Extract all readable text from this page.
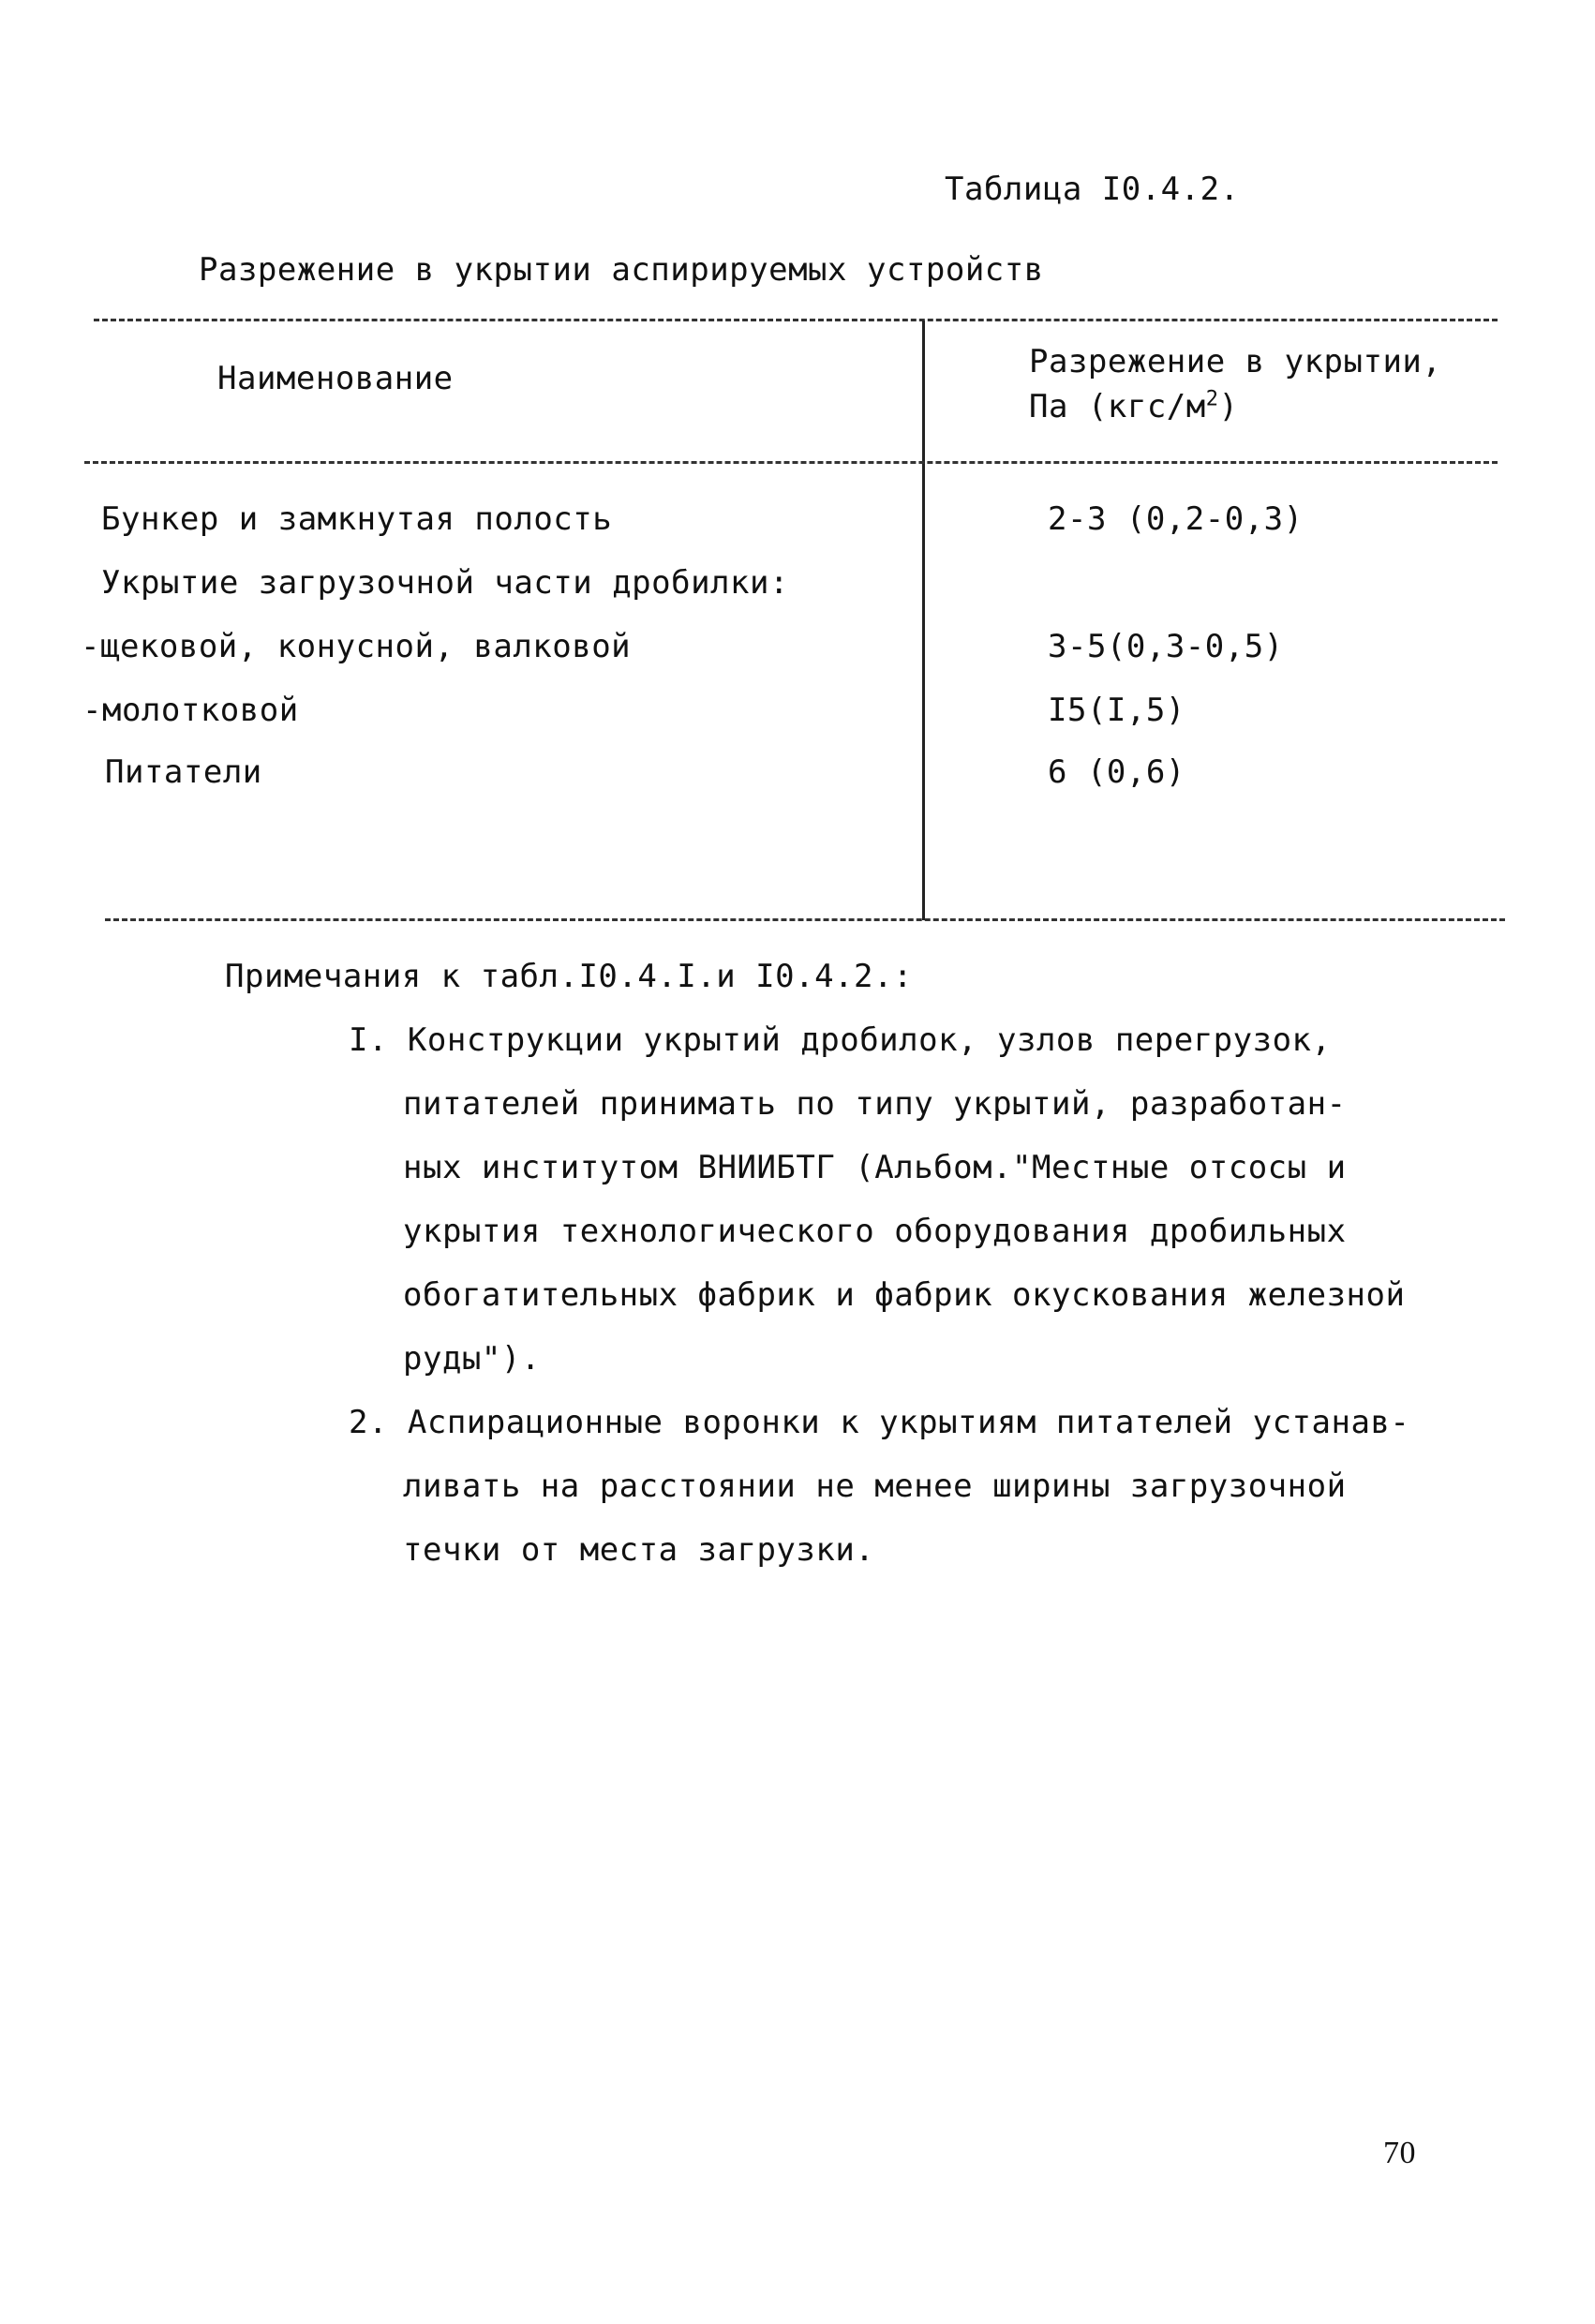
Таблица I0.4.2.
Разрежение в укрытии аспирируемых устройств
Наименование	Разрежение в укрытии,
Па $(кгс/м^2)$
Бункер и замкнутая полость	2-3 (0,2-0,3)
Укрытие загрузочной части дробилки:
-щековой, конусной, валковой	3-5(0,3-0,5)
-молотковой	I5(I,5)
Питатели	6 (0,6)
Примечания к табл.I0.4.I.и I0.4.2.:
I. Конструкции укрытий дробилок, узлов перегрузок,
питателей принимать по типу укрытий, разработан-
ных институтом ВНИИБТГ (Альбом."Местные отсосы и
укрытия технологического оборудования дробильных
обогатительных фабрик и фабрик окускования железной
руды").
2. Аспирационные воронки к укрытиям питателей устанав-
ливать на расстоянии не менее ширины загрузочной
течки от места загрузки.
70
